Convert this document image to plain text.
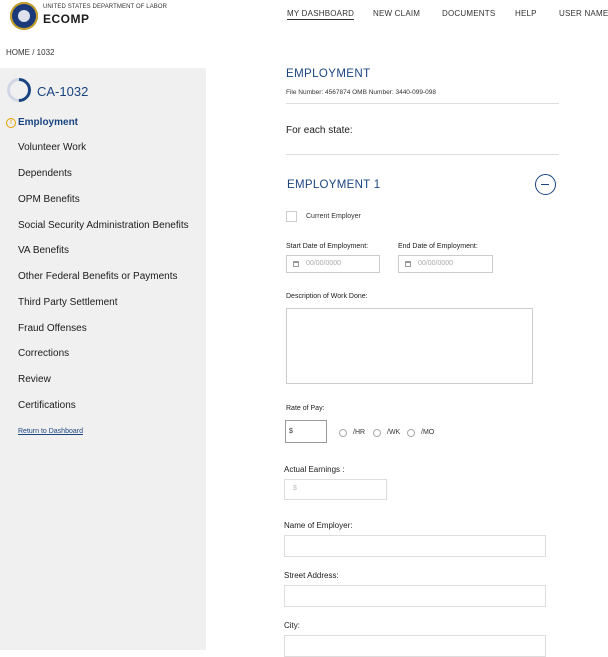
UNITED STATES DEPARTMENT OF LABOR
ECOMP	MY DASHBOARD NEW CLAIM	DOCUMENTS HELP	USER NAME
HOME / 1032
CA-1032
! Employment
Volunteer Work
Dependents
OPM Benefits
Social Security Administration Benefits
VA Benefits
Other Federal Benefits or Payments
Third Party Settlement
Fraud Offenses
Corrections
Review
Certifications
Return to Dashboard
EMPLOYMENT
File Number: 4567874 OMB Number: 3440-099-098
For each state:
EMPLOYMENT 1
Current Employer
Start Date of Employment:	End Date of Employment:
00/00/0000	00/00/0000
Description of Work Done:
Rate of Pay:
$	/HR	/WK	/MO
Actual Earnings :
$
Name of Employer:
Street Address:
City:
